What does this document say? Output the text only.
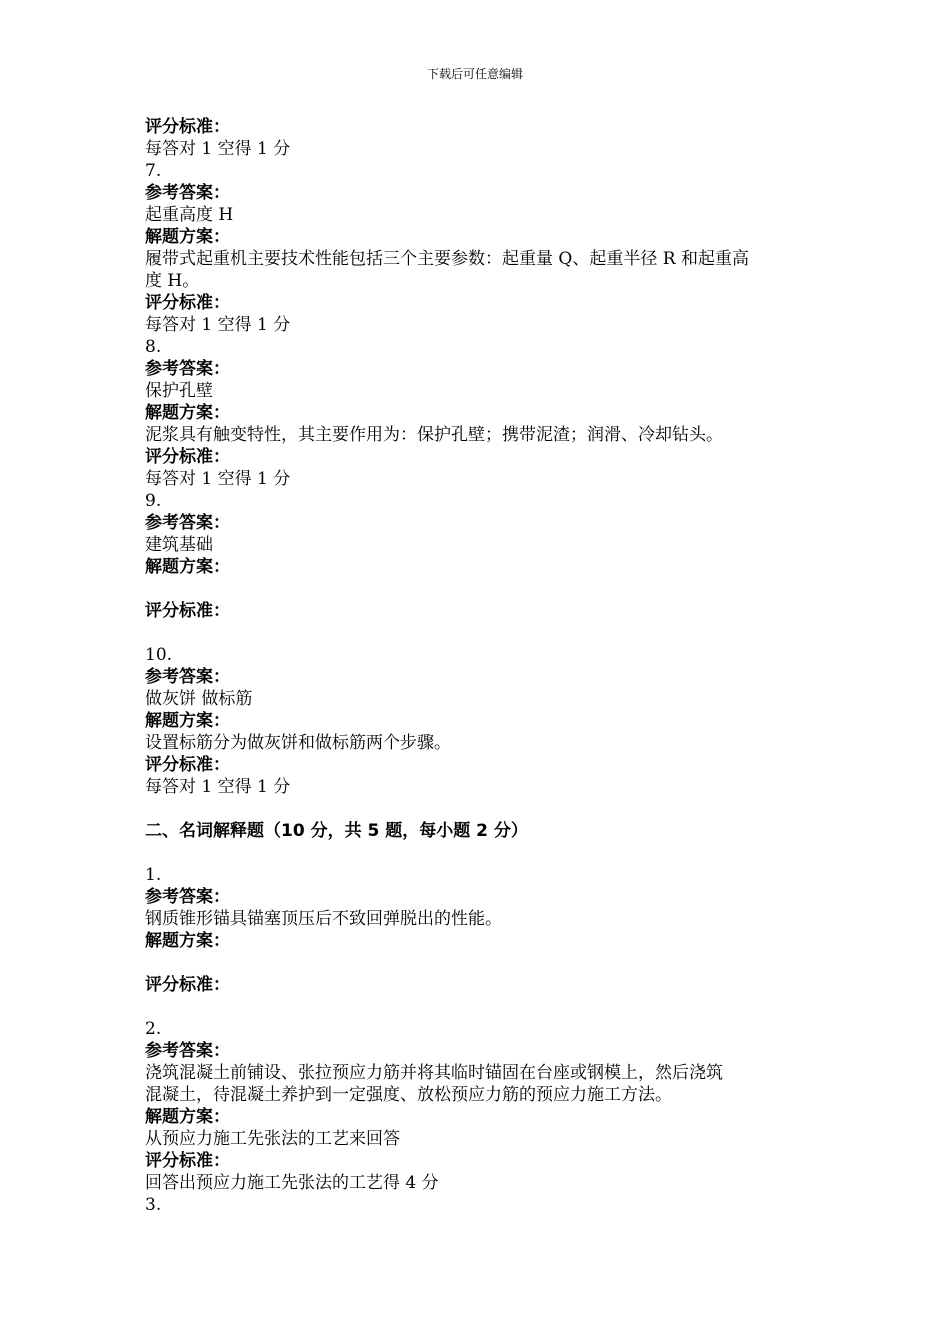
下载后可任意编辑
评分标准：
每答对 1 空得 1 分
7.
参考答案：
起重高度 H
解题方案：
履带式起重机主要技术性能包括三个主要参数：起重量 Q、起重半径 R 和起重高
度 H。
评分标准：
每答对 1 空得 1 分
8.
参考答案：
保护孔壁
解题方案：
泥浆具有触变特性，其主要作用为：保护孔壁；携带泥渣；润滑、冷却钻头。
评分标准：
每答对 1 空得 1 分
9.
参考答案：
建筑基础
解题方案：
评分标准：
10.
参考答案：
做灰饼 做标筋
解题方案：
设置标筋分为做灰饼和做标筋两个步骤。
评分标准：
每答对 1 空得 1 分
二、名词解释题（10 分，共 5 题，每小题 2 分）
1.
参考答案：
钢质锥形锚具锚塞顶压后不致回弹脱出的性能。
解题方案：
评分标准：
2.
参考答案：
浇筑混凝土前铺设、张拉预应力筋并将其临时锚固在台座或钢模上，然后浇筑
混凝土，待混凝土养护到一定强度、放松预应力筋的预应力施工方法。
解题方案：
从预应力施工先张法的工艺来回答
评分标准：
回答出预应力施工先张法的工艺得 4 分
3.
